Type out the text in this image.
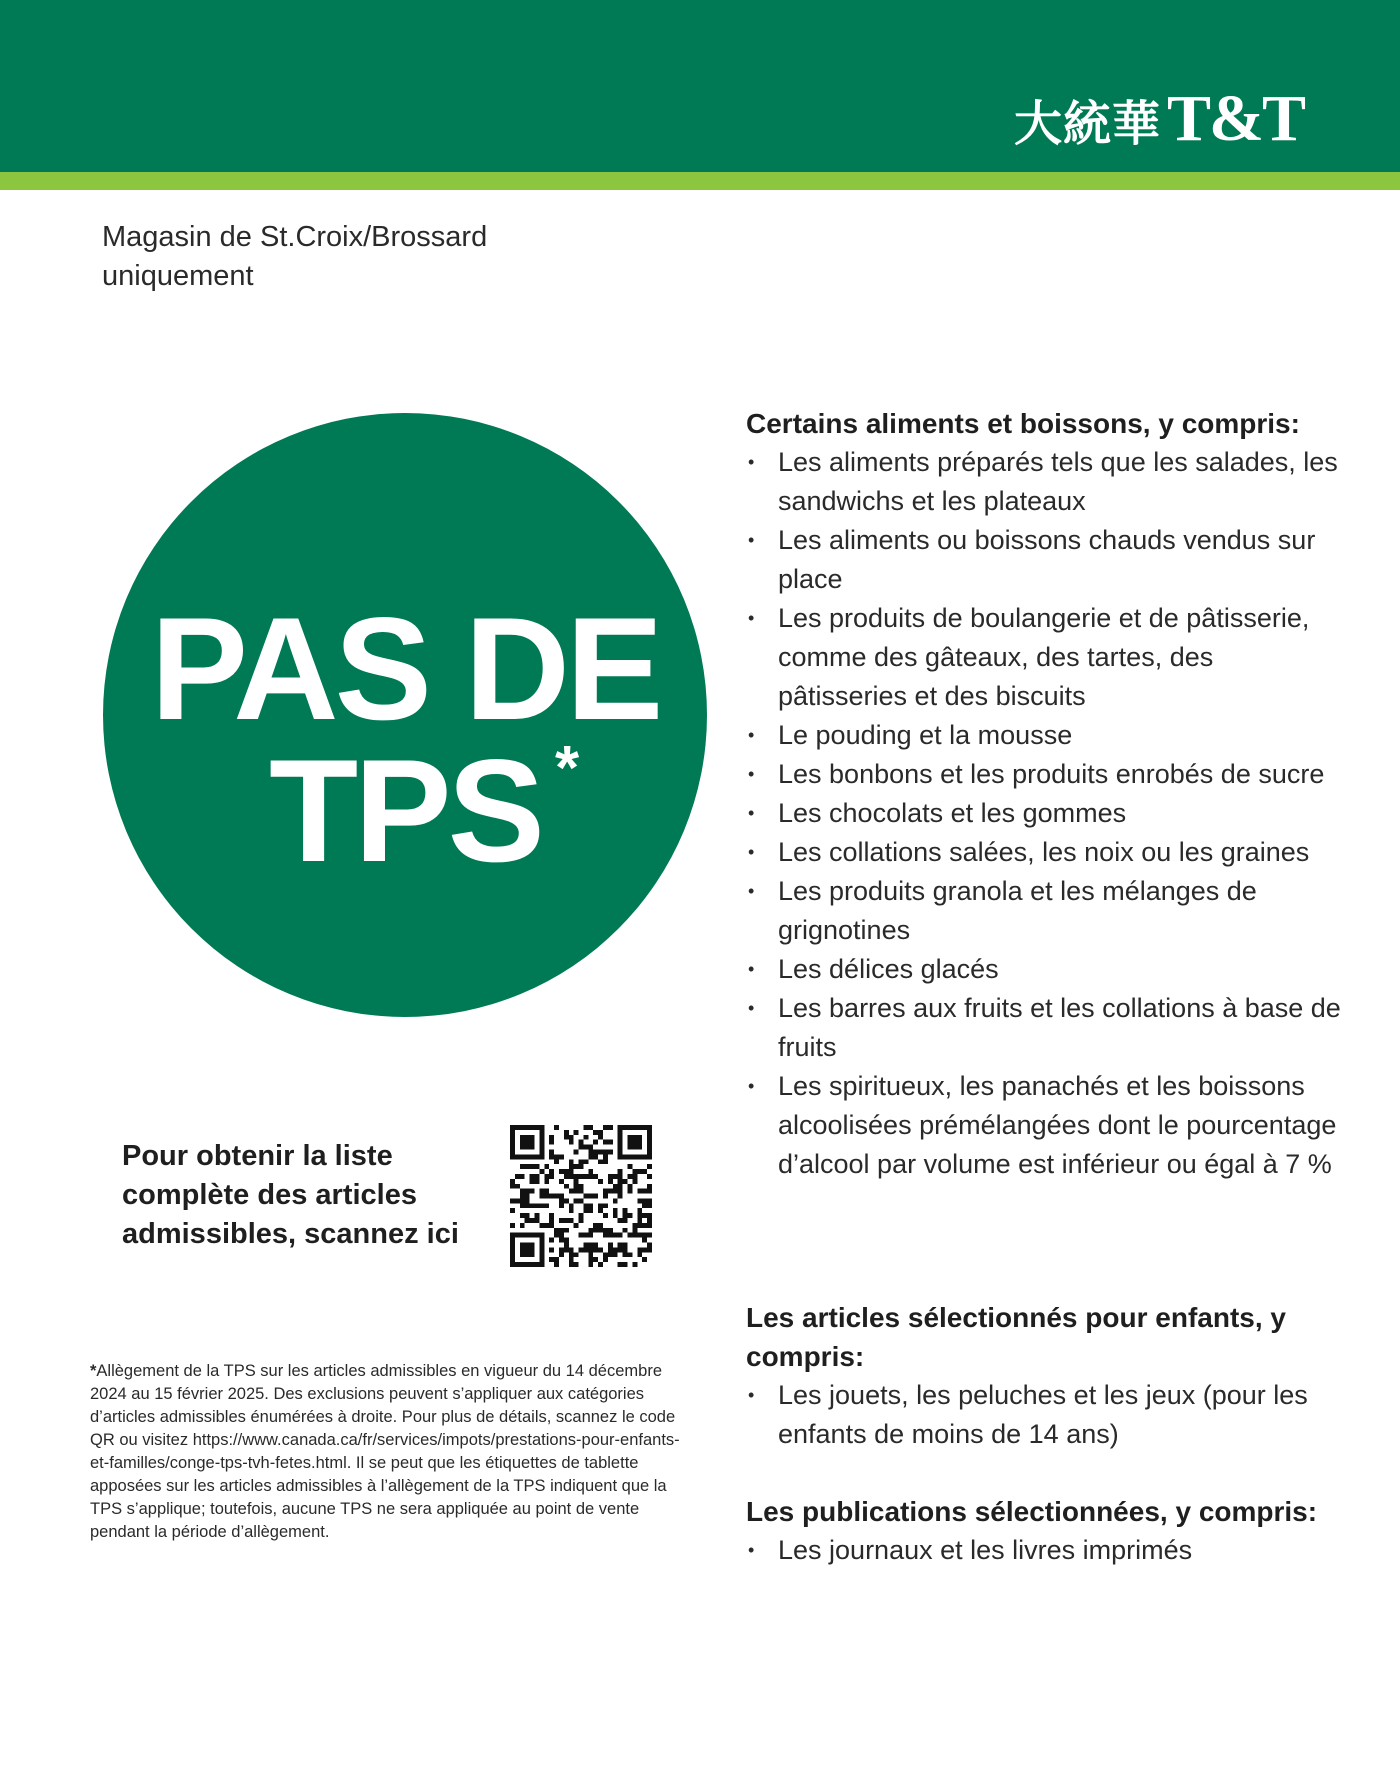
大統華 T&T
Magasin de St.Croix/Brossard
uniquement
PAS DE
TPS *
Pour obtenir la liste
complète des articles
admissibles, scannez ici
*Allègement de la TPS sur les articles admissibles en vigueur du 14 décembre 2024 au 15 février 2025. Des exclusions peuvent s’appliquer aux catégories d’articles admissibles énumérées à droite. Pour plus de détails, scannez le code QR ou visitez https://www.canada.ca/fr/services/impots/prestations-pour-enfants-et-familles/conge-tps-tvh-fetes.html. Il se peut que les étiquettes de tablette apposées sur les articles admissibles à l’allègement de la TPS indiquent que la TPS s’applique; toutefois, aucune TPS ne sera appliquée au point de vente pendant la période d’allègement.
Certains aliments et boissons, y compris:
• Les aliments préparés tels que les salades, les sandwichs et les plateaux
• Les aliments ou boissons chauds vendus sur place
• Les produits de boulangerie et de pâtisserie, comme des gâteaux, des tartes, des pâtisseries et des biscuits
• Le pouding et la mousse
• Les bonbons et les produits enrobés de sucre
• Les chocolats et les gommes
• Les collations salées, les noix ou les graines
• Les produits granola et les mélanges de grignotines
• Les délices glacés
• Les barres aux fruits et les collations à base de fruits
• Les spiritueux, les panachés et les boissons alcoolisées prémélangées dont le pourcentage d’alcool par volume est inférieur ou égal à 7 %
Les articles sélectionnés pour enfants, y compris:
• Les jouets, les peluches et les jeux (pour les enfants de moins de 14 ans)
Les publications sélectionnées, y compris:
• Les journaux et les livres imprimés
